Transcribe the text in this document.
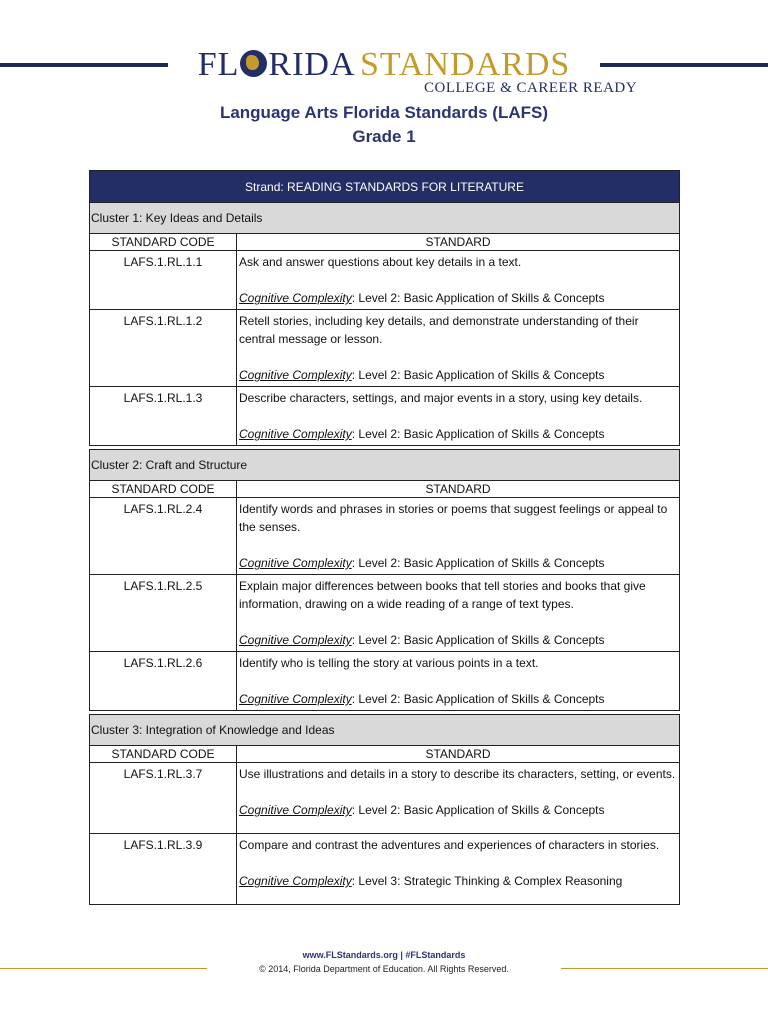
FL RIDA STANDARDS
COLLEGE & CAREER READY
Language Arts Florida Standards (LAFS)
Grade 1
Strand: READING STANDARDS FOR LITERATURE	
Cluster 1: Key Ideas and Details	
STANDARD CODE	STANDARD
LAFS.1.RL.1.1	Ask and answer questions about key details in a text.
Cognitive Complexity: Level 2: Basic Application of Skills & Concepts
LAFS.1.RL.1.2	Retell stories, including key details, and demonstrate understanding of their central message or lesson.
Cognitive Complexity: Level 2: Basic Application of Skills & Concepts
LAFS.1.RL.1.3	Describe characters, settings, and major events in a story, using key details.
Cognitive Complexity: Level 2: Basic Application of Skills & Concepts
Cluster 2: Craft and Structure	
STANDARD CODE	STANDARD
LAFS.1.RL.2.4	Identify words and phrases in stories or poems that suggest feelings or appeal to the senses.
Cognitive Complexity: Level 2: Basic Application of Skills & Concepts
LAFS.1.RL.2.5	Explain major differences between books that tell stories and books that give information, drawing on a wide reading of a range of text types.
Cognitive Complexity: Level 2: Basic Application of Skills & Concepts
LAFS.1.RL.2.6	Identify who is telling the story at various points in a text.
Cognitive Complexity: Level 2: Basic Application of Skills & Concepts
Cluster 3: Integration of Knowledge and Ideas	
STANDARD CODE	STANDARD
LAFS.1.RL.3.7	Use illustrations and details in a story to describe its characters, setting, or events.
Cognitive Complexity: Level 2: Basic Application of Skills & Concepts
LAFS.1.RL.3.9	Compare and contrast the adventures and experiences of characters in stories.
Cognitive Complexity: Level 3: Strategic Thinking & Complex Reasoning
www.FLStandards.org | #FLStandards
© 2014, Florida Department of Education. All Rights Reserved.
